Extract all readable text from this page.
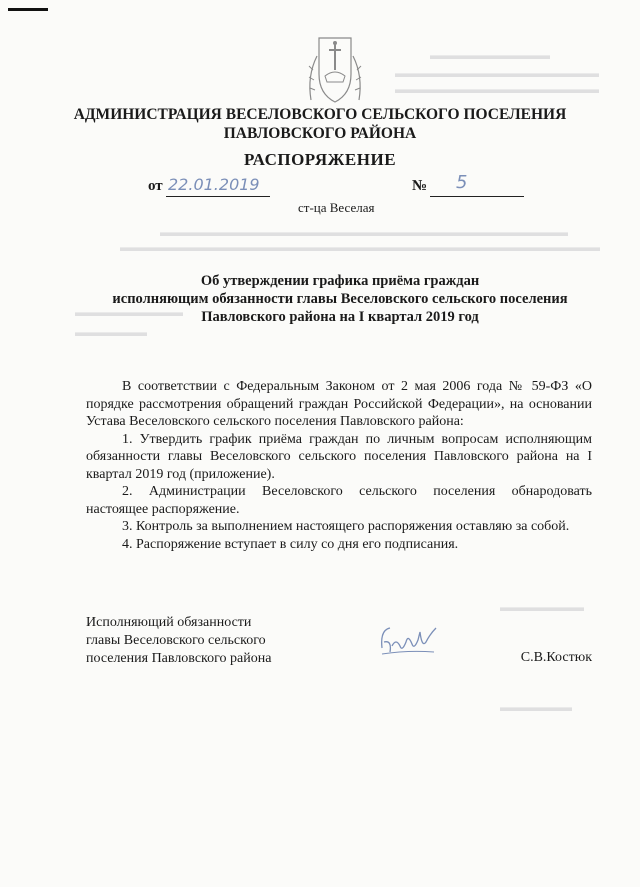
▬▬▬▬▬▬▬▬▬▬
▬▬▬▬▬▬▬▬▬▬▬▬▬▬▬▬▬
▬▬▬▬▬▬▬▬▬▬▬▬▬▬▬▬▬
▬▬▬▬▬▬▬▬▬▬▬▬▬▬▬▬▬▬▬▬▬▬▬▬▬▬▬▬▬▬▬▬▬▬
▬▬▬▬▬▬▬▬▬▬▬▬▬▬▬▬▬▬▬▬▬▬▬▬▬▬▬▬▬▬▬▬▬▬▬▬▬▬▬▬
▬▬▬▬▬▬▬▬▬
▬▬▬▬▬▬
▬▬▬▬▬▬▬
▬▬▬▬▬▬
АДМИНИСТРАЦИЯ ВЕСЕЛОВСКОГО СЕЛЬСКОГО ПОСЕЛЕНИЯ
ПАВЛОВСКОГО РАЙОНА
РАСПОРЯЖЕНИЕ
от 22.01.2019	№ 5
ст-ца Веселая
Об утверждении графика приёма граждан
исполняющим обязанности главы Веселовского сельского поселения
Павловского района на I квартал 2019 год

В соответствии с Федеральным Законом от 2 мая 2006 года № 59-ФЗ «О порядке рассмотрения обращений граждан Российской Федерации», на основании Устава Веселовского сельского поселения Павловского района:

1. Утвердить график приёма граждан по личным вопросам исполняющим обязанности главы Веселовского сельского поселения Павловского района на I квартал 2019 год (приложение).

2. Администрации Веселовского сельского поселения обнародовать настоящее распоряжение.

3. Контроль за выполнением настоящего распоряжения оставляю за собой.

4. Распоряжение вступает в силу со дня его подписания.

Исполняющий обязанности
главы Веселовского сельского
поселения Павловского района	С.В.Костюк
